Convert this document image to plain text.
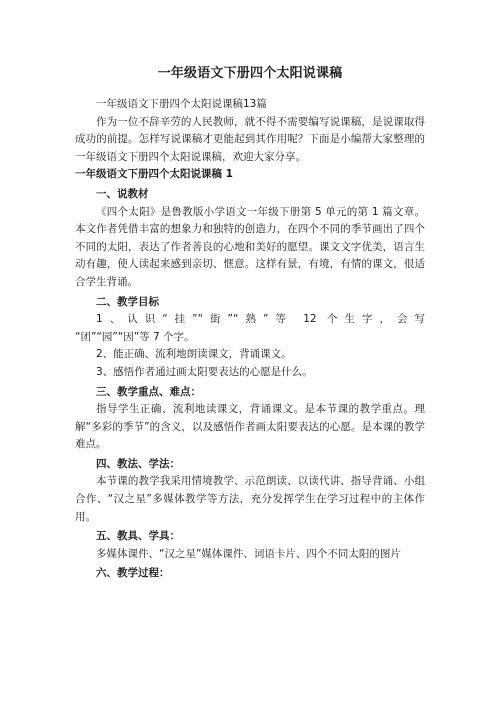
一年级语文下册四个太阳说课稿

一年级语文下册四个太阳说课稿13篇

作为一位不辞辛劳的人民教师，就不得不需要编写说课稿，是说课取得成功的前提。怎样写说课稿才更能起到其作用呢？下面是小编帮大家整理的一年级语文下册四个太阳说课稿，欢迎大家分享。

一年级语文下册四个太阳说课稿 1

一、说教材

《四个太阳》是鲁教版小学语文一年级下册第 5 单元的第 1 篇文章。本文作者凭借丰富的想象力和独特的创造力，在四个不同的季节画出了四个不同的太阳，表达了作者善良的心地和美好的愿望。课文文字优美，语言生动有趣，使人读起来感到亲切、惬意。这样有景，有境，有情的课文，很适合学生背诵。

二、教学目标

1、认识“挂”“街”“熟”等 12 个生字，会写

“团”“园”“因”等 7 个字。

2、能正确、流利地朗读课文，背诵课文。

3、感悟作者通过画太阳要表达的心愿是什么。

三、教学重点、难点：

指导学生正确、流利地读课文，背诵课文。是本节课的教学重点。理解“多彩的季节”的含义，以及感悟作者画太阳要表达的心愿。是本课的教学难点。

四、教法、学法：

本节课的教学我采用情境教学、示范朗读、以读代讲、指导背诵、小组合作、“汉之星”多媒体教学等方法，充分发挥学生在学习过程中的主体作用。

五、教具、学具：

多媒体课件、“汉之星”媒体课件、词语卡片、四个不同太阳的图片

六、教学过程：
